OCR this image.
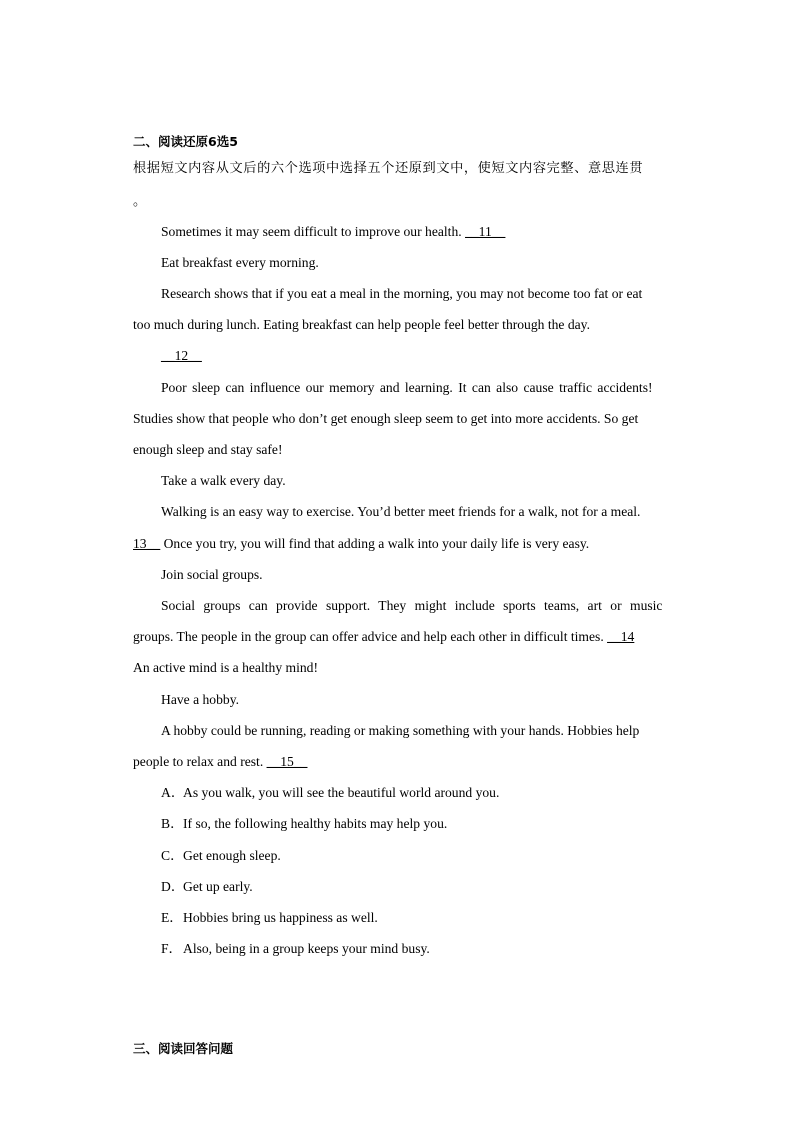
二、阅读还原6选5
根据短文内容从文后的六个选项中选择五个还原到文中，使短文内容完整、意思连贯
。
Sometimes it may seem difficult to improve our health. __11__
Eat breakfast every morning.
Research shows that if you eat a meal in the morning, you may not become too fat or eat
too much during lunch. Eating breakfast can help people feel better through the day.
__12__
Poor sleep can influence our memory and learning. It can also cause traffic accidents!
Studies show that people who don’t get enough sleep seem to get into more accidents. So get
enough sleep and stay safe!
Take a walk every day.
Walking is an easy way to exercise. You’d better meet friends for a walk, not for a meal.
13__ Once you try, you will find that adding a walk into your daily life is very easy.
Join social groups.
Social groups can provide support. They might include sports teams, art or music
groups. The people in the group can offer advice and help each other in difficult times. __14
An active mind is a healthy mind!
Have a hobby.
A hobby could be running, reading or making something with your hands. Hobbies help
people to relax and rest. __15__
A．As you walk, you will see the beautiful world around you.
B．If so, the following healthy habits may help you.
C．Get enough sleep.
D．Get up early.
E．Hobbies bring us happiness as well.
F．Also, being in a group keeps your mind busy.
三、阅读回答问题
